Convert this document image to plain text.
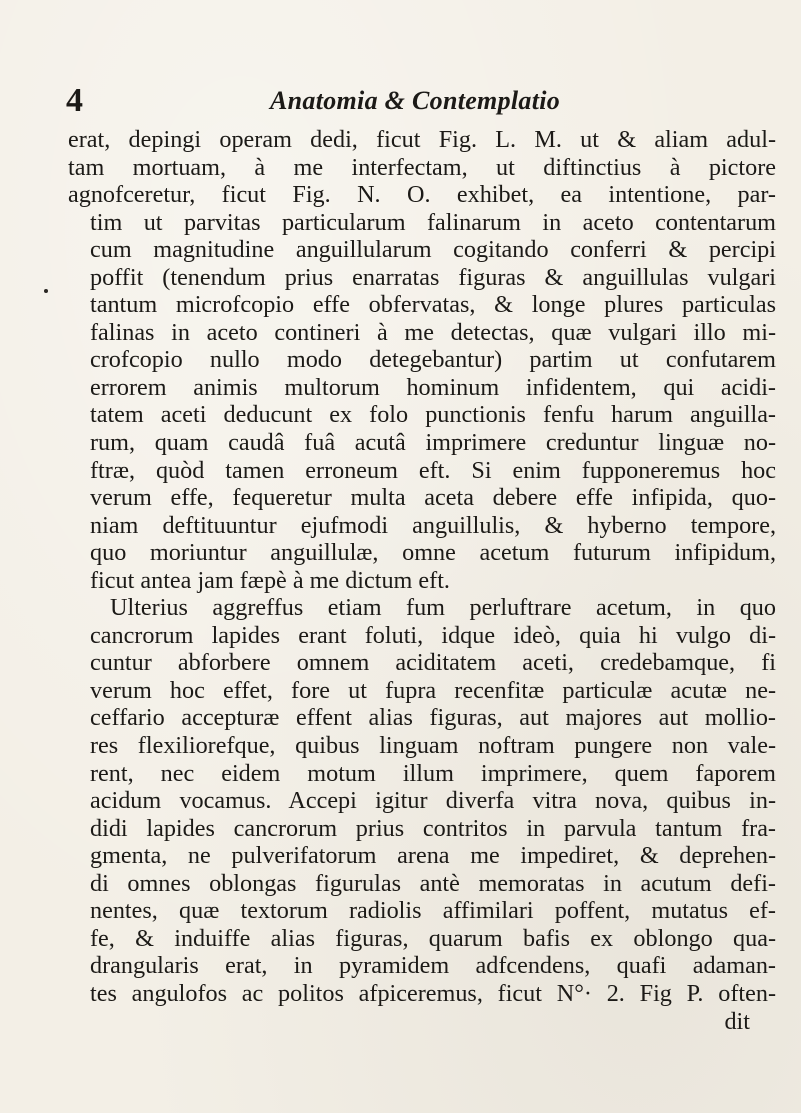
4	Anatomia & Contemplatio
erat, depingi operam dedi, ficut Fig. L. M. ut & aliam adul-
tam mortuam, à me interfectam, ut diftinctius à pictore
agnofceretur, ficut Fig. N. O. exhibet, ea intentione, par-
tim ut parvitas particularum falinarum in aceto contentarum
cum magnitudine anguillularum cogitando conferri & percipi
poffit (tenendum prius enarratas figuras & anguillulas vulgari
tantum microfcopio effe obfervatas, & longe plures particulas
falinas in aceto contineri à me detectas, quæ vulgari illo mi-
crofcopio nullo modo detegebantur) partim ut confutarem
errorem animis multorum hominum infidentem, qui acidi-
tatem aceti deducunt ex folo punctionis fenfu harum anguilla-
rum, quam caudâ fuâ acutâ imprimere creduntur linguæ no-
ftræ, quòd tamen erroneum eft. Si enim fupponeremus hoc
verum effe, fequeretur multa aceta debere effe infipida, quo-
niam deftituuntur ejufmodi anguillulis, & hyberno tempore,
quo moriuntur anguillulæ, omne acetum futurum infipidum,
ficut antea jam fæpè à me dictum eft.
Ulterius aggreffus etiam fum perluftrare acetum, in quo
cancrorum lapides erant foluti, idque ideò, quia hi vulgo di-
cuntur abforbere omnem aciditatem aceti, credebamque, fi
verum hoc effet, fore ut fupra recenfitæ particulæ acutæ ne-
ceffario accepturæ effent alias figuras, aut majores aut mollio-
res flexiliorefque, quibus linguam noftram pungere non vale-
rent, nec eidem motum illum imprimere, quem faporem
acidum vocamus. Accepi igitur diverfa vitra nova, quibus in-
didi lapides cancrorum prius contritos in parvula tantum fra-
gmenta, ne pulverifatorum arena me impediret, & deprehen-
di omnes oblongas figurulas antè memoratas in acutum defi-
nentes, quæ textorum radiolis affimilari poffent, mutatus ef-
fe, & induiffe alias figuras, quarum bafis ex oblongo qua-
drangularis erat, in pyramidem adfcendens, quafi adaman-
tes angulofos ac politos afpiceremus, ficut N°· 2. Fig P. often-
dit
